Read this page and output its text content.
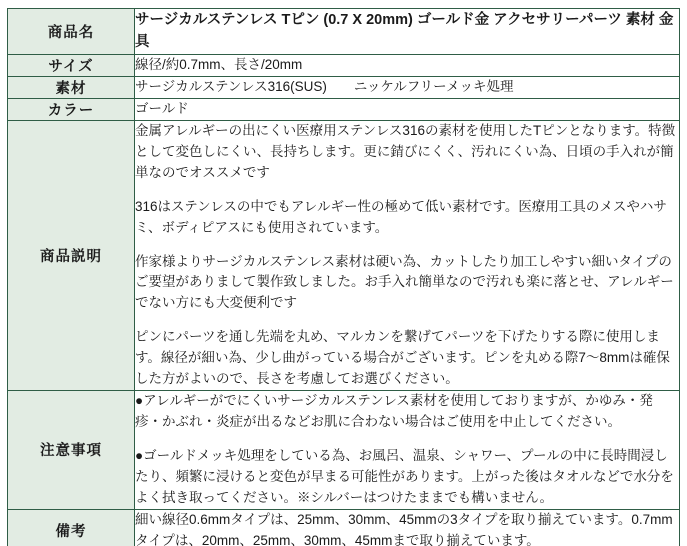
商品名	サージカルステンレス Tピン (0.7 X 20mm) ゴールド金 アクセサリーパーツ 素材 金具

サイズ	線径/約0.7mm、長さ/20mm

素材	サージカルステンレス316(SUS)　　ニッケルフリーメッキ処理

カラー	ゴールド

商品説明	金属アレルギーの出にくい医療用ステンレス316の素材を使用したTピンとなります。特徴として変色しにくい、長持ちします。更に錆びにくく、汚れにくい為、日頃の手入れが簡単なのでオススメです

316はステンレスの中でもアレルギー性の極めて低い素材です。医療用工具のメスやハサミ、ボディピアスにも使用されています。

作家様よりサージカルステンレス素材は硬い為、カットしたり加工しやすい細いタイプのご要望がありまして製作致しました。お手入れ簡単なので汚れも楽に落とせ、アレルギーでない方にも大変便利です

ピンにパーツを通し先端を丸め、マルカンを繋げてパーツを下げたりする際に使用します。線径が細い為、少し曲がっている場合がございます。ピンを丸める際7～8mmは確保した方がよいので、長さを考慮してお選びください。

注意事項	●アレルギーがでにくいサージカルステンレス素材を使用しておりますが、かゆみ・発疹・かぶれ・炎症が出るなどお肌に合わない場合はご使用を中止してください。

●ゴールドメッキ処理をしている為、お風呂、温泉、シャワー、プールの中に長時間浸したり、頻繁に浸けると変色が早まる可能性があります。上がった後はタオルなどで水分をよく拭き取ってください。※シルバーはつけたままでも構いません。

備考	細い線径0.6mmタイプは、25mm、30mm、45mmの3タイプを取り揃えています。0.7mmタイプは、20mm、25mm、30mm、45mmまで取り揃えています。
